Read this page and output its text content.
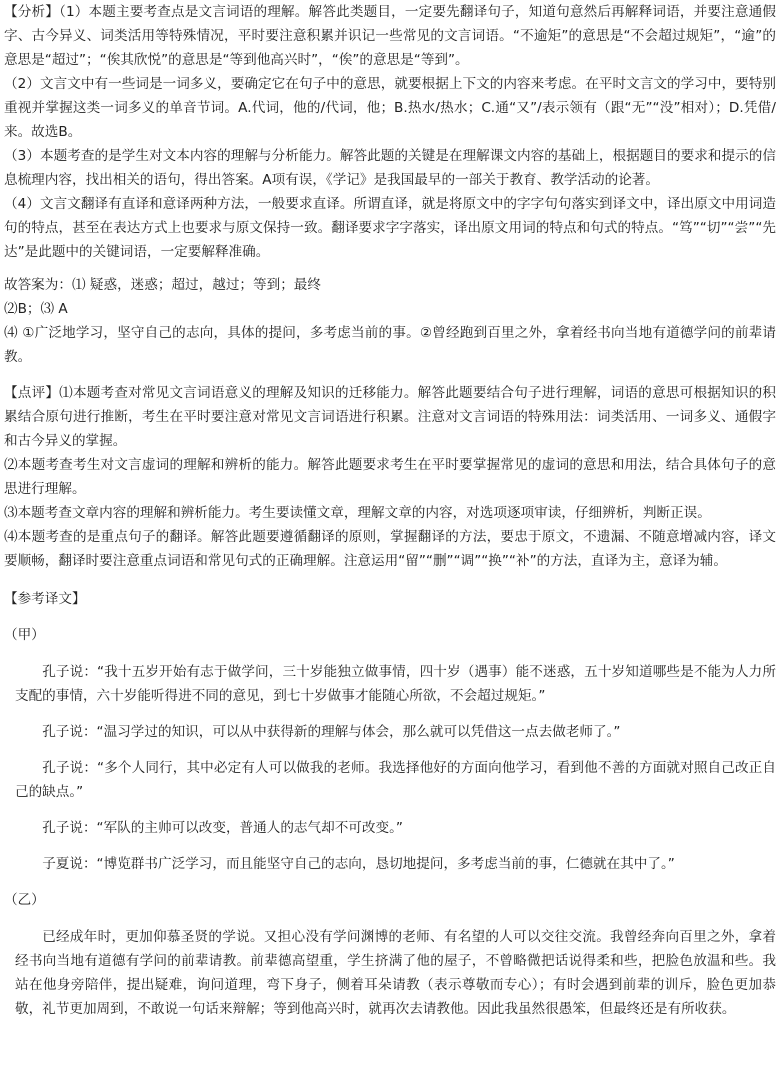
【分析】（1）本题主要考查点是文言词语的理解。解答此类题目，一定要先翻译句子，知道句意然后再解释词语，并要注意通假字、古今异义、词类活用等特殊情况，平时要注意积累并识记一些常见的文言词语。“不逾矩”的意思是“不会超过规矩”，“逾”的意思是“超过”；“俟其欣悦”的意思是“等到他高兴时”，“俟”的意思是“等到”。

（2）文言文中有一些词是一词多义，要确定它在句子中的意思，就要根据上下文的内容来考虑。在平时文言文的学习中，要特别重视并掌握这类一词多义的单音节词。A.代词，他的/代词，他；B.热水/热水；C.通“又”/表示领有（跟“无”“没”相对）；D.凭借/来。故选B。

（3）本题考查的是学生对文本内容的理解与分析能力。解答此题的关键是在理解课文内容的基础上，根据题目的要求和提示的信息梳理内容，找出相关的语句，得出答案。A项有误，《学记》是我国最早的一部关于教育、教学活动的论著。

（4）文言文翻译有直译和意译两种方法，一般要求直译。所谓直译，就是将原文中的字字句句落实到译文中，译出原文中用词造句的特点，甚至在表达方式上也要求与原文保持一致。翻译要求字字落实，译出原文用词的特点和句式的特点。“笃”“切”“尝”“先达”是此题中的关键词语，一定要解释准确。

故答案为：⑴ 疑惑，迷惑；超过，越过；等到；最终

⑵B；⑶ A

⑷ ①广泛地学习，坚守自己的志向，具体的提问，多考虑当前的事。②曾经跑到百里之外，拿着经书向当地有道德学问的前辈请教。

【点评】⑴本题考查对常见文言词语意义的理解及知识的迁移能力。解答此题要结合句子进行理解，词语的意思可根据知识的积累结合原句进行推断，考生在平时要注意对常见文言词语进行积累。注意对文言词语的特殊用法：词类活用、一词多义、通假字和古今异义的掌握。

⑵本题考查考生对文言虚词的理解和辨析的能力。解答此题要求考生在平时要掌握常见的虚词的意思和用法，结合具体句子的意思进行理解。

⑶本题考查文章内容的理解和辨析能力。考生要读懂文章，理解文章的内容，对选项逐项审读，仔细辨析，判断正误。

⑷本题考查的是重点句子的翻译。解答此题要遵循翻译的原则，掌握翻译的方法，要忠于原文，不遗漏、不随意增减内容，译文要顺畅，翻译时要注意重点词语和常见句式的正确理解。注意运用“留”“删”“调”“换”“补”的方法，直译为主，意译为辅。

【参考译文】

（甲）

孔子说：“我十五岁开始有志于做学问，三十岁能独立做事情，四十岁（遇事）能不迷惑，五十岁知道哪些是不能为人力所支配的事情，六十岁能听得进不同的意见，到七十岁做事才能随心所欲，不会超过规矩。”

孔子说：“温习学过的知识，可以从中获得新的理解与体会，那么就可以凭借这一点去做老师了。”

孔子说：“多个人同行，其中必定有人可以做我的老师。我选择他好的方面向他学习，看到他不善的方面就对照自己改正自己的缺点。”

孔子说：“军队的主帅可以改变，普通人的志气却不可改变。”

子夏说：“博览群书广泛学习，而且能坚守自己的志向，恳切地提问，多考虑当前的事，仁德就在其中了。”

（乙）

已经成年时，更加仰慕圣贤的学说。又担心没有学问渊博的老师、有名望的人可以交往交流。我曾经奔向百里之外，拿着经书向当地有道德有学问的前辈请教。前辈德高望重，学生挤满了他的屋子，不曾略微把话说得柔和些，把脸色放温和些。我站在他身旁陪伴，提出疑难，询问道理，弯下身子，侧着耳朵请教（表示尊敬而专心）；有时会遇到前辈的训斥，脸色更加恭敬，礼节更加周到，不敢说一句话来辩解；等到他高兴时，就再次去请教他。因此我虽然很愚笨，但最终还是有所收获。
